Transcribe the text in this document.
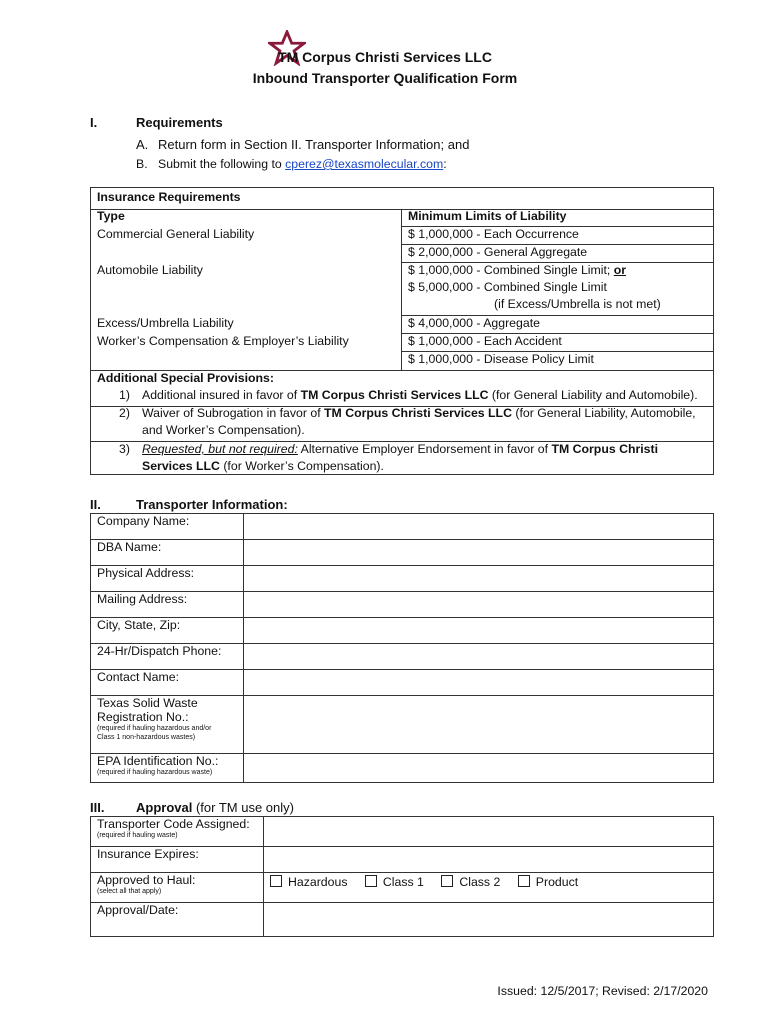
TM Corpus Christi Services LLC
Inbound Transporter Qualification Form
I.	Requirements
A. Return form in Section II. Transporter Information; and
B. Submit the following to cperez@texasmolecular.com:
Insurance Requirements
Type	Minimum Limits of Liability
Commercial General Liability	$ 1,000,000 - Each Occurrence
$ 2,000,000 - General Aggregate
Automobile Liability	$ 1,000,000 - Combined Single Limit; or
$ 5,000,000 - Combined Single Limit
(if Excess/Umbrella is not met)
Excess/Umbrella Liability	$ 4,000,000 - Aggregate
Worker’s Compensation & Employer’s Liability	$ 1,000,000 - Each Accident
$ 1,000,000 - Disease Policy Limit
Additional Special Provisions:
1) Additional insured in favor of TM Corpus Christi Services LLC (for General Liability and Automobile).
2) Waiver of Subrogation in favor of TM Corpus Christi Services LLC (for General Liability, Automobile,
and Worker’s Compensation).
3) Requested, but not required: Alternative Employer Endorsement in favor of TM Corpus Christi
Services LLC (for Worker’s Compensation).
II.	Transporter Information:
Company Name:	
DBA Name:	
Physical Address:	
Mailing Address:	
City, State, Zip:	
24-Hr/Dispatch Phone:	
Contact Name:	

Texas Solid Waste
Registration No.:
(required if hauling hazardous and/or
Class 1 non-hazardous wastes)	

EPA Identification No.:
(required if hauling hazardous waste)	

III. Approval (for TM use only)
Transporter Code Assigned:
(required if hauling waste)	

Insurance Expires:	

Approved to Haul:
(select all that apply)	Hazardous Class 1 Class 2 Product
Approval/Date:	
Issued: 12/5/2017; Revised: 2/17/2020
